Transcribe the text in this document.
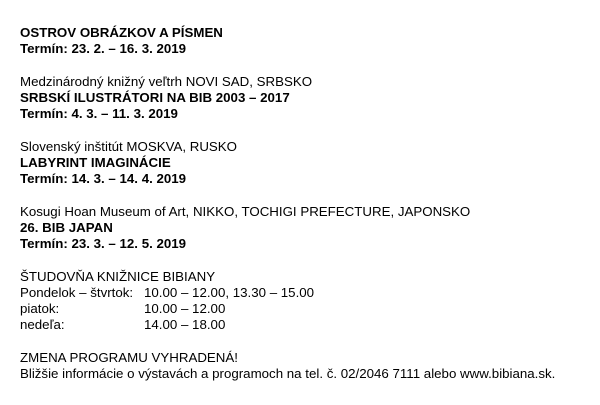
OSTROV OBRÁZKOV A PÍSMEN
Termín: 23. 2. – 16. 3. 2019
Medzinárodný knižný veľtrh NOVI SAD, SRBSKO
SRBSKÍ ILUSTRÁTORI NA BIB 2003 – 2017
Termín: 4. 3. – 11. 3. 2019
Slovenský inštitút MOSKVA, RUSKO
LABYRINT IMAGINÁCIE
Termín: 14. 3. – 14. 4. 2019
Kosugi Hoan Museum of Art, NIKKO, TOCHIGI PREFECTURE, JAPONSKO
26. BIB JAPAN
Termín: 23. 3. – 12. 5. 2019
ŠTUDOVŇA KNIŽNICE BIBIANY
Pondelok – štvrtok: 10.00 – 12.00, 13.30 – 15.00
piatok:	10.00 – 12.00
nedeľa:	14.00 – 18.00
ZMENA PROGRAMU VYHRADENÁ!
Bližšie informácie o výstavách a programoch na tel. č. 02/2046 7111 alebo www.bibiana.sk.
